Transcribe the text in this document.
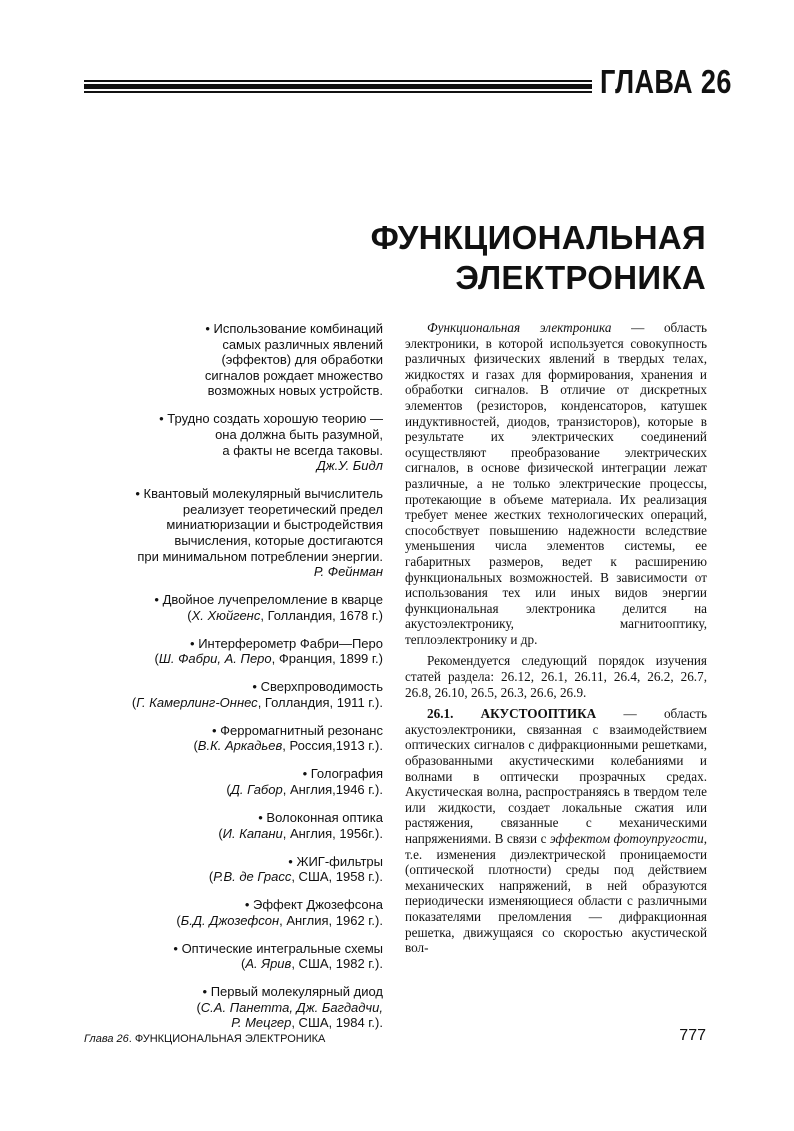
ГЛАВА 26
ФУНКЦИОНАЛЬНАЯ
ЭЛЕКТРОНИКА
• Использование комбинаций
самых различных явлений
(эффектов) для обработки
сигналов рождает множество
возможных новых устройств.
• Трудно создать хорошую теорию —
она должна быть разумной,
а факты не всегда таковы.
Дж.У. Бидл
• Квантовый молекулярный вычислитель
реализует теоретический предел
миниатюризации и быстродействия
вычисления, которые достигаются
при минимальном потреблении энергии.
Р. Фейнман
• Двойное лучепреломление в кварце
(Х. Хюйгенс, Голландия, 1678 г.)
• Интерферометр Фабри—Перо
(Ш. Фабри, А. Перо, Франция, 1899 г.)
• Сверхпроводимость
(Г. Камерлинг-Оннес, Голландия, 1911 г.).
• Ферромагнитный резонанс
(В.К. Аркадьев, Россия,1913 г.).
• Голография
(Д. Габор, Англия,1946 г.).
• Волоконная оптика
(И. Капани, Англия, 1956г.).
• ЖИГ-фильтры
(Р.В. де Грасс, США, 1958 г.).
• Эффект Джозефсона
(Б.Д. Джозефсон, Англия, 1962 г.).
• Оптические интегральные схемы
(А. Ярив, США, 1982 г.).
• Первый молекулярный диод
(С.А. Панетта, Дж. Багдадчи,
Р. Мецгер, США, 1984 г.).

Функциональная электроника — область электроники, в которой используется совокупность различных физических явлений в твердых телах, жидкостях и газах для формирования, хранения и обработки сигналов. В отличие от дискретных элементов (резисторов, конденсаторов, катушек индуктивностей, диодов, транзисторов), которые в результате их электрических соединений осуществляют преобразование электрических сигналов, в основе физической интеграции лежат различные, а не только электрические процессы, протекающие в объеме материала. Их реализация требует менее жестких технологических операций, способствует повышению надежности вследствие уменьшения числа элементов системы, ее габаритных размеров, ведет к расширению функциональных возможностей. В зависимости от использования тех или иных видов энергии функциональная электроника делится на акустоэлектронику, магнитооптику, теплоэлектронику и др.

Рекомендуется следующий порядок изучения статей раздела: 26.12, 26.1, 26.11, 26.4, 26.2, 26.7, 26.8, 26.10, 26.5, 26.3, 26.6, 26.9.

26.1. АКУСТООПТИКА — область акустоэлектроники, связанная с взаимодействием оптических сигналов с дифракционными решетками, образованными акустическими колебаниями и волнами в оптически прозрачных средах. Акустическая волна, распространяясь в твердом теле или жидкости, создает локальные сжатия или растяжения, связанные с механическими напряжениями. В связи с эффектом фотоупругости, т.е. изменения диэлектрической проницаемости (оптической плотности) среды под действием механических напряжений, в ней образуются периодически изменяющиеся области с различными показателями преломления — дифракционная решетка, движущаяся со скоростью акустической вол-

Глава 26. ФУНКЦИОНАЛЬНАЯ ЭЛЕКТРОНИКА	777
